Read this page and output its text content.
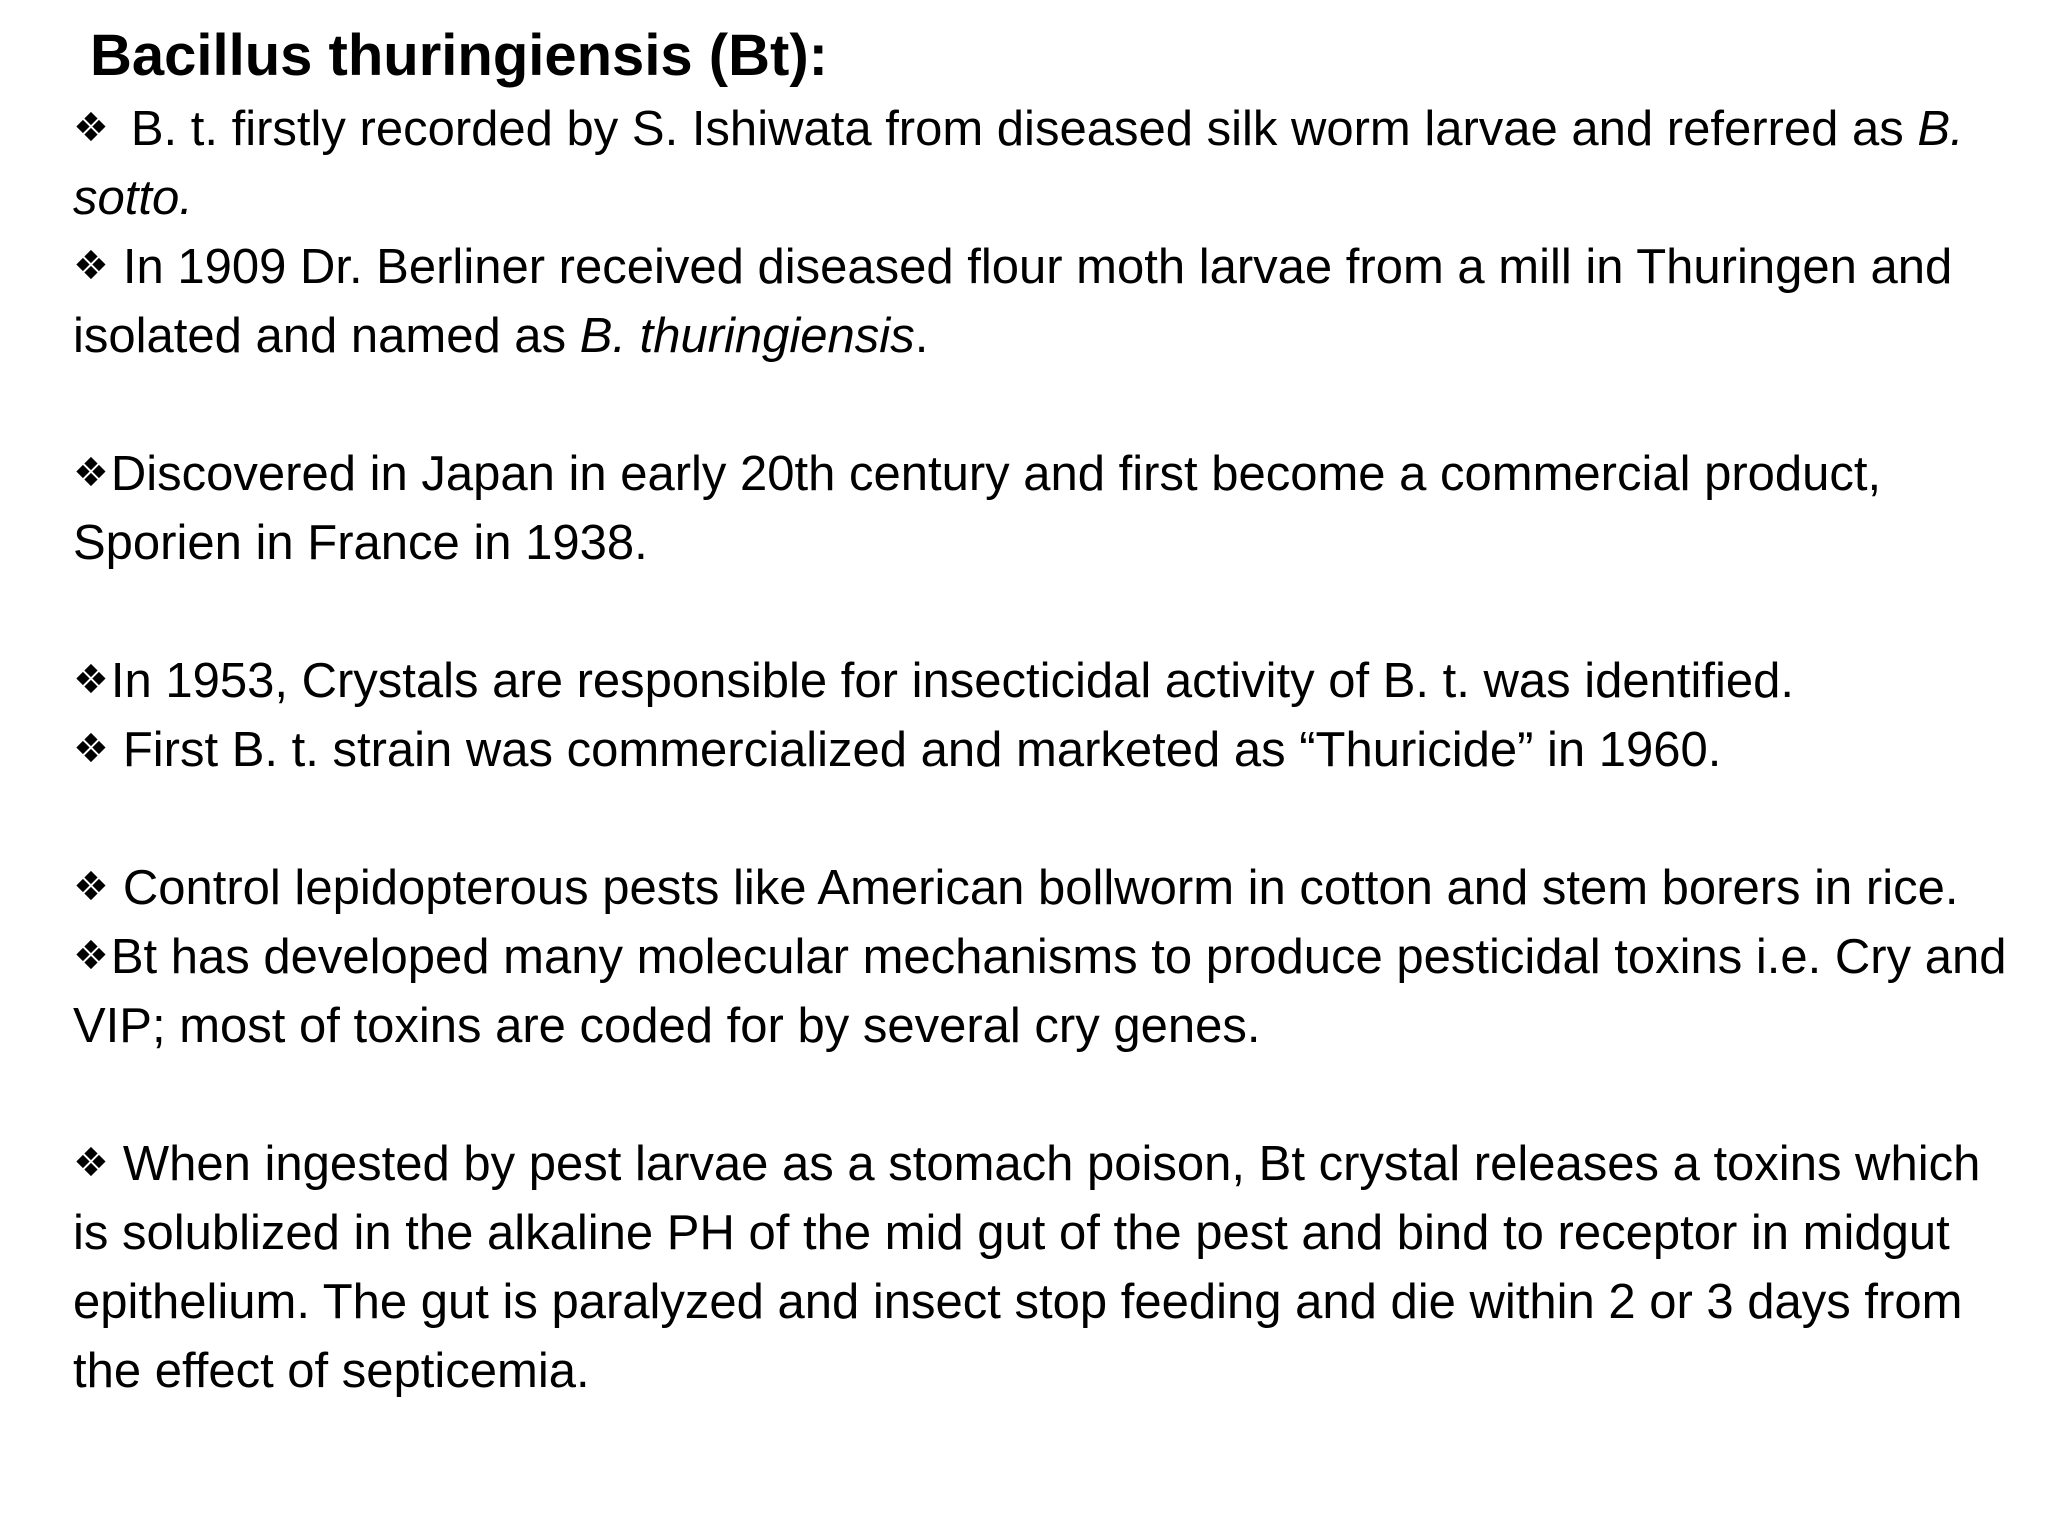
Bacillus thuringiensis (Bt):

❖ B. t. firstly recorded by S. Ishiwata from diseased silk worm larvae and referred as B. sotto.

❖ In 1909 Dr. Berliner received diseased flour moth larvae from a mill in Thuringen and isolated and named as B. thuringiensis.

❖Discovered in Japan in early 20th century and first become a commercial product, Sporien in France in 1938.

❖In 1953, Crystals are responsible for insecticidal activity of B. t. was identified.

❖ First B. t. strain was commercialized and marketed as “Thuricide” in 1960.

❖ Control lepidopterous pests like American bollworm in cotton and stem borers in rice.

❖Bt has developed many molecular mechanisms to produce pesticidal toxins i.e. Cry and VIP; most of toxins are coded for by several cry genes.

❖ When ingested by pest larvae as a stomach poison, Bt crystal releases a toxins which is solublized in the alkaline PH of the mid gut of the pest and bind to receptor in midgut epithelium. The gut is paralyzed and insect stop feeding and die within 2 or 3 days from the effect of septicemia.
